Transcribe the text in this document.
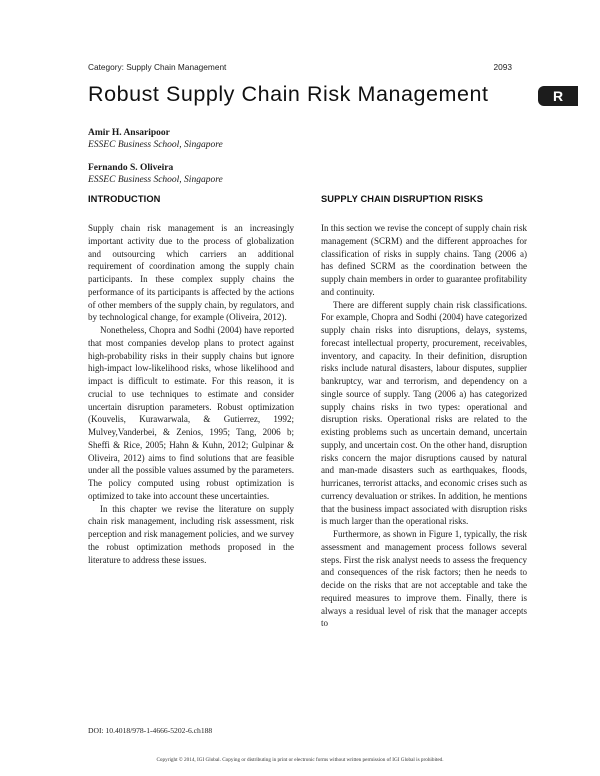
Category: Supply Chain Management	2093
Robust Supply Chain Risk Management	R
Amir H. Ansaripoor
ESSEC Business School, Singapore
Fernando S. Oliveira
ESSEC Business School, Singapore
INTRODUCTION

Supply chain risk management is an increasingly important activity due to the process of globalization and outsourcing which carriers an additional requirement of coordination among the supply chain participants. In these complex supply chains the performance of its participants is affected by the actions of other members of the supply chain, by regulators, and by technological change, for example (Oliveira, 2012).

Nonetheless, Chopra and Sodhi (2004) have reported that most companies develop plans to protect against high-probability risks in their supply chains but ignore high-impact low-likelihood risks, whose likelihood and impact is difficult to estimate. For this reason, it is crucial to use techniques to estimate and consider uncertain disruption parameters. Robust optimization (Kouvelis, Kurawarwala, & Gutierrez, 1992; Mulvey,Vanderbei, & Zenios, 1995; Tang, 2006 b; Sheffi & Rice, 2005; Hahn & Kuhn, 2012; Gulpinar & Oliveira, 2012) aims to find solutions that are feasible under all the possible values assumed by the parameters. The policy computed using robust optimization is optimized to take into account these uncertainties.

In this chapter we revise the literature on supply chain risk management, including risk assessment, risk perception and risk management policies, and we survey the robust optimization methods proposed in the literature to address these issues.

SUPPLY CHAIN DISRUPTION RISKS

In this section we revise the concept of supply chain risk management (SCRM) and the different approaches for classification of risks in supply chains. Tang (2006 a) has defined SCRM as the coordination between the supply chain members in order to guarantee profitability and continuity.

There are different supply chain risk classifications. For example, Chopra and Sodhi (2004) have categorized supply chain risks into disruptions, delays, systems, forecast intellectual property, procurement, receivables, inventory, and capacity. In their definition, disruption risks include natural disasters, labour disputes, supplier bankruptcy, war and terrorism, and dependency on a single source of supply. Tang (2006 a) has categorized supply chains risks in two types: operational and disruption risks. Operational risks are related to the existing problems such as uncertain demand, uncertain supply, and uncertain cost. On the other hand, disruption risks concern the major disruptions caused by natural and man-made disasters such as earthquakes, floods, hurricanes, terrorist attacks, and economic crises such as currency devaluation or strikes. In addition, he mentions that the business impact associated with disruption risks is much larger than the operational risks.

Furthermore, as shown in Figure 1, typically, the risk assessment and management process follows several steps. First the risk analyst needs to assess the frequency and consequences of the risk factors; then he needs to decide on the risks that are not acceptable and take the required measures to improve them. Finally, there is always a residual level of risk that the manager accepts to

DOI: 10.4018/978-1-4666-5202-6.ch188
Copyright © 2014, IGI Global. Copying or distributing in print or electronic forms without written permission of IGI Global is prohibited.
